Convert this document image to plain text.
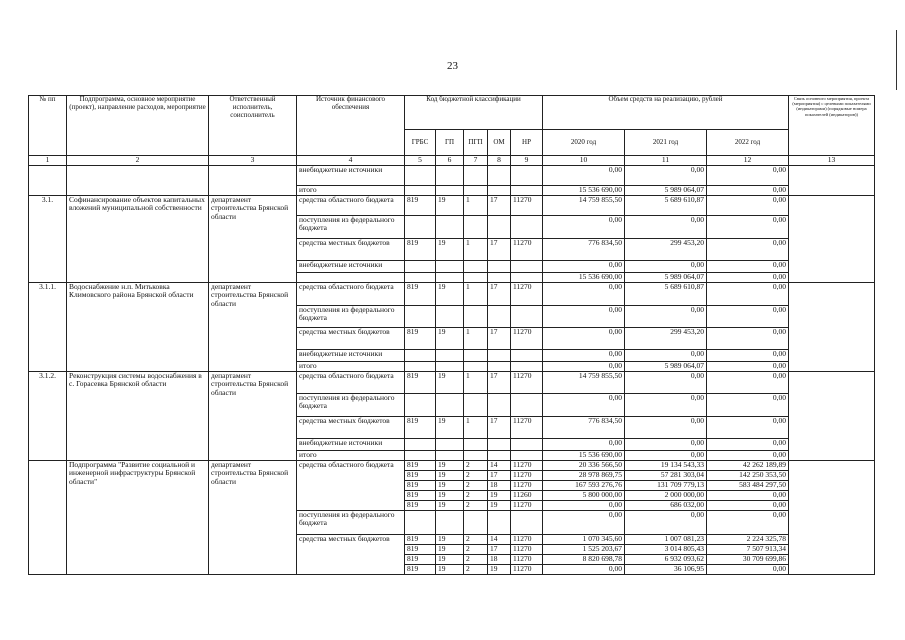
23
№ пп	Подпрограмма, основное мероприятие (проект), направление расходов, мероприятие	Ответственный исполнитель, соисполнитель	Источник финансового обеспечения	Код бюджетной классификации					Объем средств на реализацию, рублей			Связь основного мероприятия, проекта (мероприятия) с целевыми показателями (индикаторами) (порядковые номера показателей (индикаторов))
				ГРБС	ГП	ПГП	ОМ	НР	2020 год	2021 год	2022 год	
1	2	3	4	5	6	7	8	9	10	11	12	13
			внебюджетные источники						0,00	0,00	0,00	
			итого						15 536 690,00	5 989 064,07	0,00	
3.1.	Софинансирование объектов капитальных вложений муниципальной собственности	департамент строительства Брянской области	средства областного бюджета	819	19	1	17	11270	14 759 855,50	5 689 610,87	0,00	
			поступления из федерального бюджета						0,00	0,00	0,00	
			средства местных бюджетов	819	19	1	17	11270	776 834,50	299 453,20	0,00	
			внебюджетные источники						0,00	0,00	0,00	
									15 536 690,00	5 989 064,07	0,00	
3.1.1.	Водоснабжение н.п. Митьковка Климовского района Брянской области	департамент строительства Брянской области	средства областного бюджета	819	19	1	17	11270	0,00	5 689 610,87	0,00	
			поступления из федерального бюджета						0,00	0,00	0,00	
			средства местных бюджетов	819	19	1	17	11270	0,00	299 453,20	0,00	
			внебюджетные источники						0,00	0,00	0,00	
			итого						0,00	5 989 064,07	0,00	
3.1.2.	Реконструкция системы водоснабжения в с. Горасевка Брянской области	департамент строительства Брянской области	средства областного бюджета	819	19	1	17	11270	14 759 855,50	0,00	0,00	
			поступления из федерального бюджета						0,00	0,00	0,00	
			средства местных бюджетов	819	19	1	17	11270	776 834,50	0,00	0,00	
			внебюджетные источники						0,00	0,00	0,00	
			итого						15 536 690,00	0,00	0,00	
	Подпрограмма "Развитие социальной и инженерной инфраструктуры Брянской области"	департамент строительства Брянской области	средства областного бюджета	819	19	2	14	11270	20 336 566,50	19 134 543,33	42 262 189,89	
				819	19	2	17	11270	28 978 869,75	57 281 303,04	142 250 353,50	
				819	19	2	18	11270	167 593 276,76	131 709 779,13	583 484 297,50	
				819	19	2	19	11260	5 800 000,00	2 000 000,00	0,00	
				819	19	2	19	11270	0,00	686 032,00	0,00	
			поступления из федерального бюджета						0,00	0,00	0,00	
			средства местных бюджетов	819	19	2	14	11270	1 070 345,60	1 007 081,23	2 224 325,78	
				819	19	2	17	11270	1 525 203,67	3 014 805,43	7 507 913,34	
				819	19	2	18	11270	8 820 698,78	6 932 093,62	30 709 699,86	
				819	19	2	19	11270	0,00	36 106,95	0,00	
